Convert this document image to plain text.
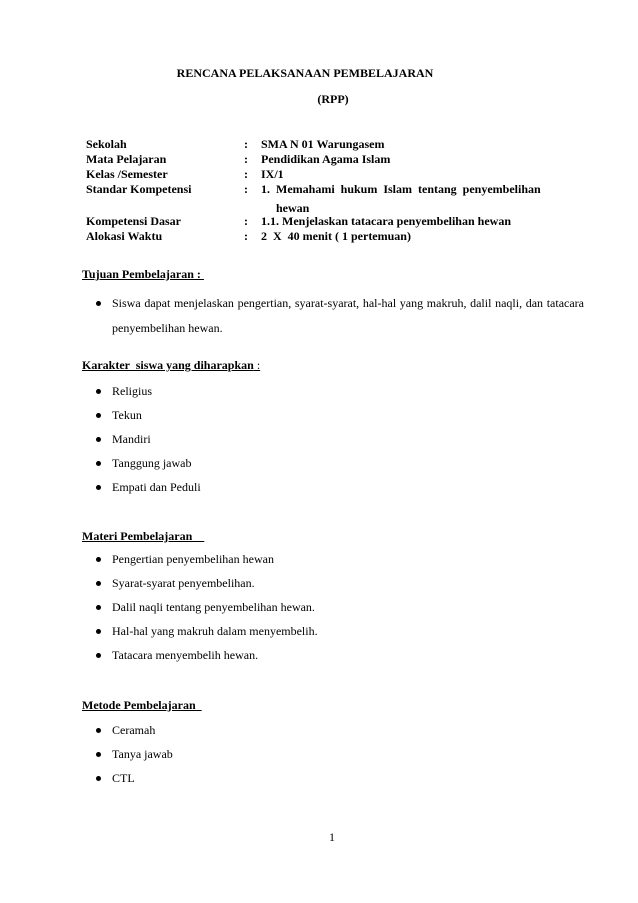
RENCANA PELAKSANAAN PEMBELAJARAN
(RPP)
Sekolah	: SMA N 01 Warungasem
Mata Pelajaran	: Pendidikan Agama Islam
Kelas /Semester	: IX/1
Standar Kompetensi	: 1.  Memahami  hukum  Islam  tentang  penyembelihan
hewan
Kompetensi Dasar	: 1.1. Menjelaskan tatacara penyembelihan hewan
Alokasi Waktu	: 2  X  40 menit ( 1 pertemuan)
Tujuan Pembelajaran :
Siswa dapat menjelaskan pengertian, syarat-syarat, hal-hal yang makruh, dalil naqli, dan tatacara penyembelihan hewan.
Karakter  siswa yang diharapkan :
Religius
Tekun
Mandiri
Tanggung jawab
Empati dan Peduli
Materi Pembelajaran
Pengertian penyembelihan hewan
Syarat-syarat penyembelihan.
Dalil naqli tentang penyembelihan hewan.
Hal-hal yang makruh dalam menyembelih.
Tatacara menyembelih hewan.
Metode Pembelajaran
Ceramah
Tanya jawab
CTL
1
